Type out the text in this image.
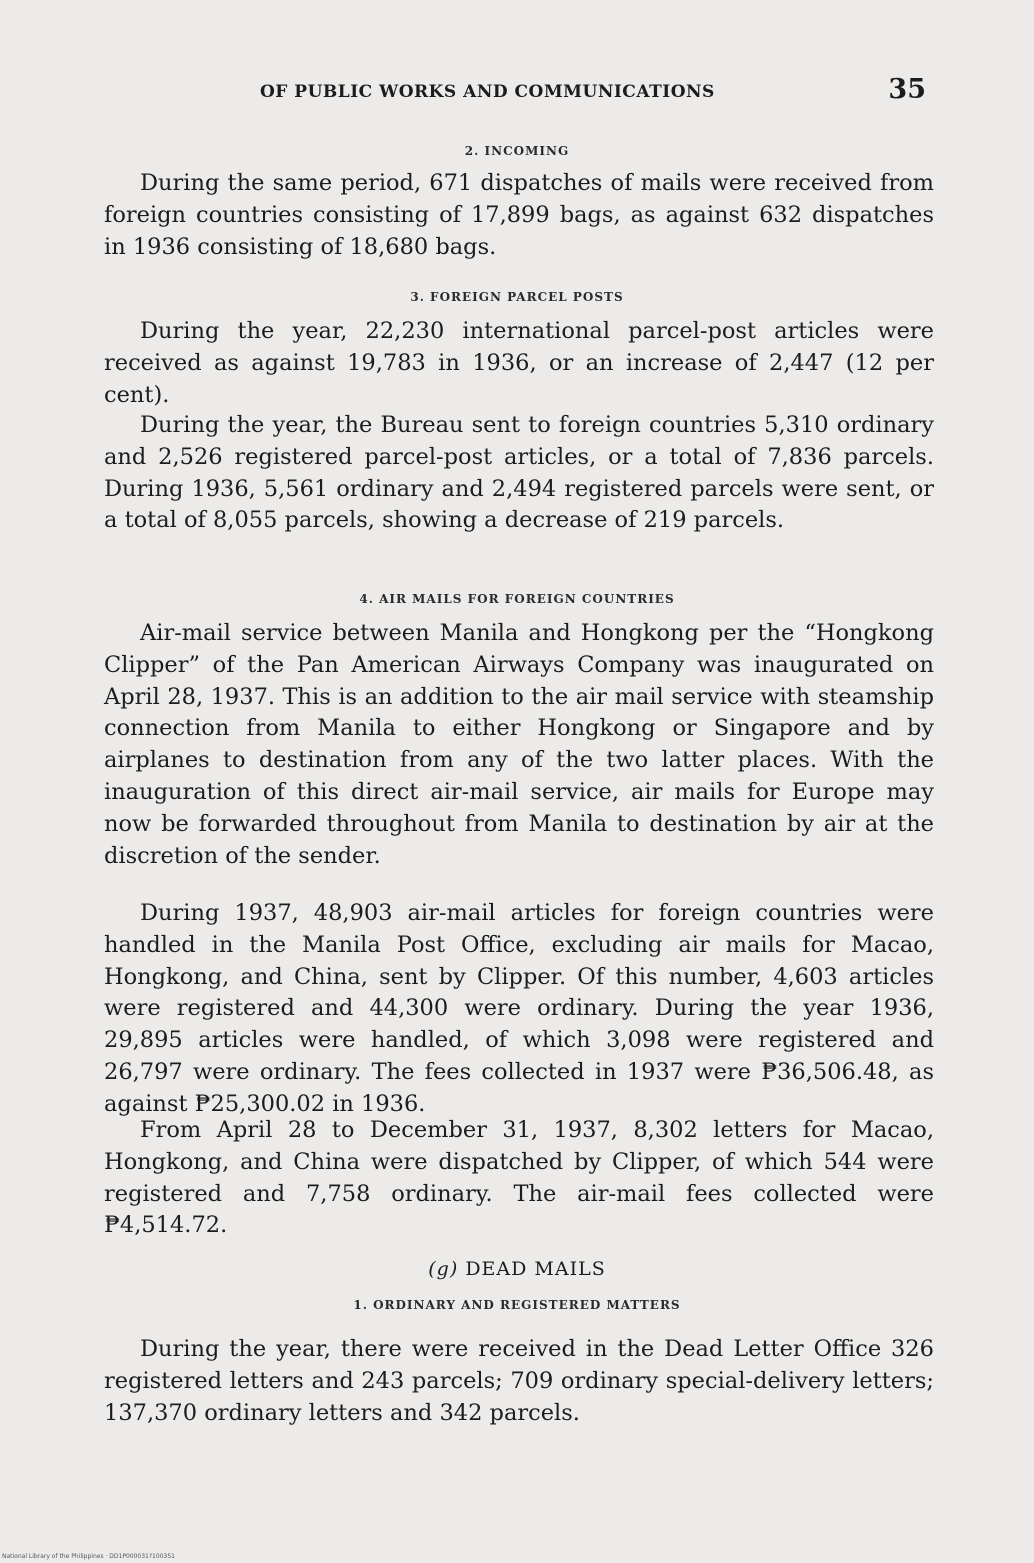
OF PUBLIC WORKS AND COMMUNICATIONS	35
2. INCOMING

During the same period, 671 dispatches of mails were received from foreign countries consisting of 17,899 bags, as against 632 dispatches in 1936 consisting of 18,680 bags.

3. FOREIGN PARCEL POSTS

During the year, 22,230 international parcel-post articles were received as against 19,783 in 1936, or an increase of 2,447 (12 per cent).

During the year, the Bureau sent to foreign countries 5,310 ordinary and 2,526 registered parcel-post articles, or a total of 7,836 parcels. During 1936, 5,561 ordinary and 2,494 registered parcels were sent, or a total of 8,055 parcels, showing a decrease of 219 parcels.

4. AIR MAILS FOR FOREIGN COUNTRIES

Air-mail service between Manila and Hongkong per the “Hongkong Clipper” of the Pan American Airways Company was inaugurated on April 28, 1937. This is an addition to the air mail service with steamship connection from Manila to either Hongkong or Singapore and by airplanes to destination from any of the two latter places. With the inauguration of this direct air-mail service, air mails for Europe may now be forwarded throughout from Manila to destination by air at the discretion of the sender.

During 1937, 48,903 air-mail articles for foreign countries were handled in the Manila Post Office, excluding air mails for Macao, Hongkong, and China, sent by Clipper. Of this number, 4,603 articles were registered and 44,300 were ordinary. During the year 1936, 29,895 articles were handled, of which 3,098 were registered and 26,797 were ordinary. The fees collected in 1937 were ₱36,506.48, as against ₱25,300.02 in 1936.

From April 28 to December 31, 1937, 8,302 letters for Macao, Hongkong, and China were dispatched by Clipper, of which 544 were registered and 7,758 ordinary. The air-mail fees collected were ₱4,514.72.

(g) DEAD MAILS
1. ORDINARY AND REGISTERED MATTERS

During the year, there were received in the Dead Letter Office 326 registered letters and 243 parcels; 709 ordinary special-delivery letters; 137,370 ordinary letters and 342 parcels.

National Library of the Philippines · DD1P000031?100351
